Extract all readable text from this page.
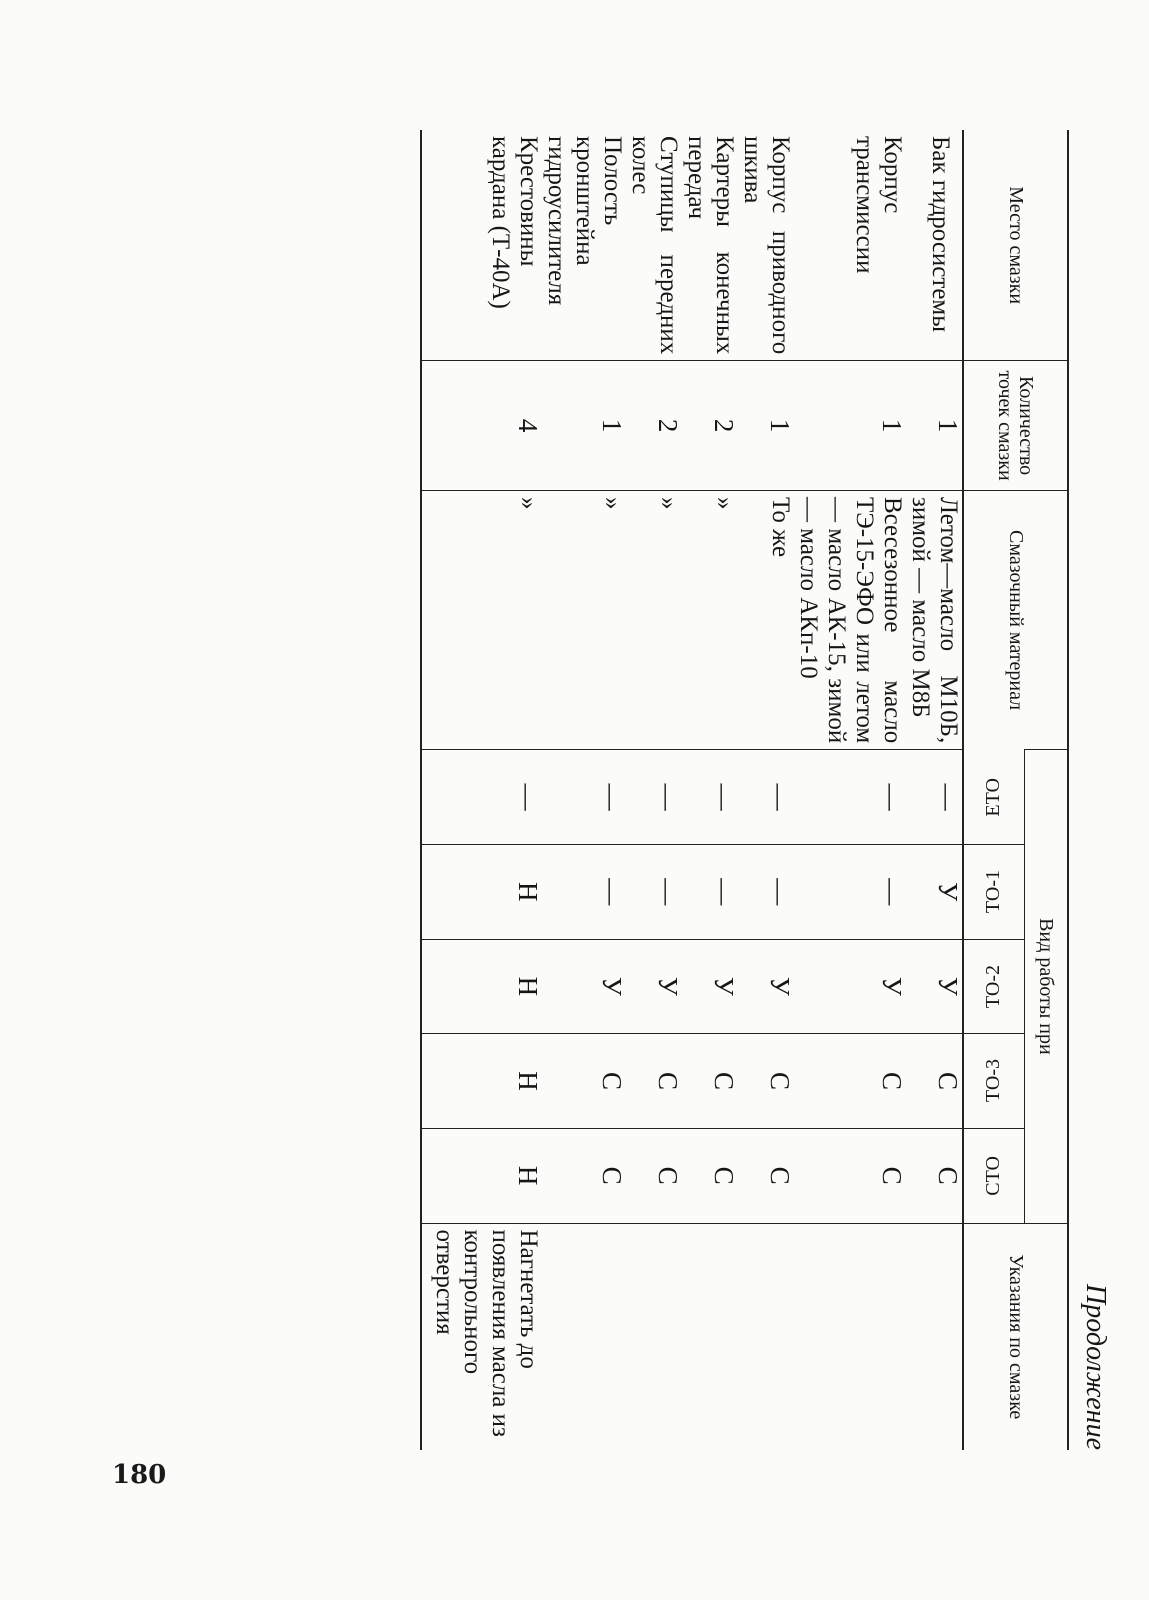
180
Продолжение
Место смазки	Количество точек смазки	Смазочный материал	Вид работы при					Указания по смазке
			ЕТО	ТО-1	ТО-2	ТО-3	СТО	
Бак гидросистемы	1	Летом—масло М10Б, зимой — масло М8Б	—	У	У	С	С	
Корпус трансмиссии	1	Всесезонное масло ТЭ-15-ЭФО или летом — масло АК-15, зимой — масло АКп-10	—	—	У	С	С	
Корпус приводного шкива	1	То же	—	—	У	С	С	
Картеры конечных передач	2	»	—	—	У	С	С	
Ступицы передних колес	2	»	—	—	У	С	С	
Полость кронштейна гидроусилителя	1	»	—	—	У	С	С	
Крестовины кардана (Т-40А)	4	»	—	Н	Н	Н	Н	Нагнетать до появления масла из контрольного отверстия
